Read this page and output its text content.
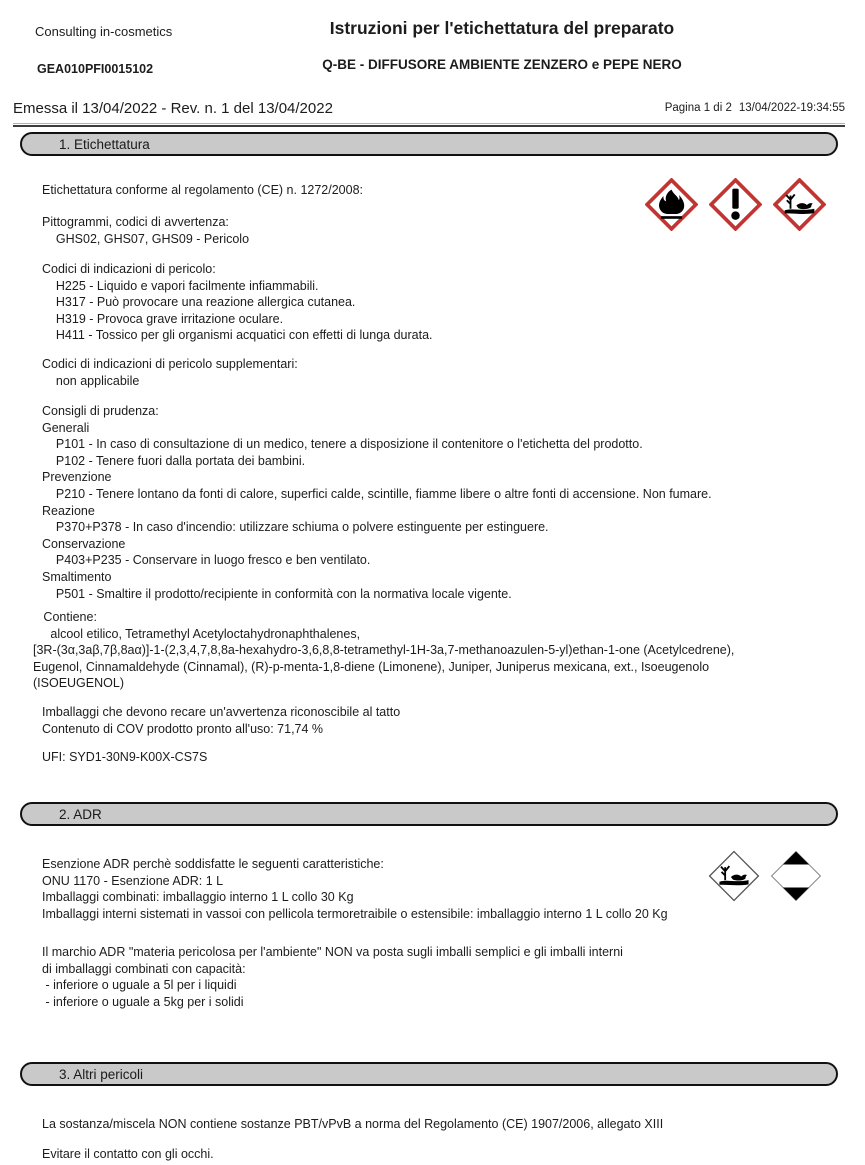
Consulting in-cosmetics
GEA010PFI0015102
Istruzioni per l'etichettatura del preparato
Q-BE - DIFFUSORE AMBIENTE ZENZERO e PEPE NERO
Emessa il 13/04/2022 - Rev. n. 1 del 13/04/2022	Pagina 1 di 2 13/04/2022-19:34:55
1. Etichettatura
Etichettatura conforme al regolamento (CE) n. 1272/2008:
Pittogrammi, codici di avvertenza:
GHS02, GHS07, GHS09 - Pericolo
Codici di indicazioni di pericolo:
H225 - Liquido e vapori facilmente infiammabili.
H317 - Può provocare una reazione allergica cutanea.
H319 - Provoca grave irritazione oculare.
H411 - Tossico per gli organismi acquatici con effetti di lunga durata.
Codici di indicazioni di pericolo supplementari:
non applicabile
Consigli di prudenza:
Generali
P101 - In caso di consultazione di un medico, tenere a disposizione il contenitore o l'etichetta del prodotto.
P102 - Tenere fuori dalla portata dei bambini.
Prevenzione
P210 - Tenere lontano da fonti di calore, superfici calde, scintille, fiamme libere o altre fonti di accensione. Non fumare.
Reazione
P370+P378 - In caso d'incendio: utilizzare schiuma o polvere estinguente per estinguere.
Conservazione
P403+P235 - Conservare in luogo fresco e ben ventilato.
Smaltimento
P501 - Smaltire il prodotto/recipiente in conformità con la normativa locale vigente.
Contiene:
alcool etilico, Tetramethyl Acetyloctahydronaphthalenes,
[3R-(3α,3aβ,7β,8aα)]-1-(2,3,4,7,8,8a-hexahydro-3,6,8,8-tetramethyl-1H-3a,7-methanoazulen-5-yl)ethan-1-one (Acetylcedrene),
Eugenol, Cinnamaldehyde (Cinnamal), (R)-p-menta-1,8-diene (Limonene), Juniper, Juniperus mexicana, ext., Isoeugenolo
(ISOEUGENOL)
Imballaggi che devono recare un'avvertenza riconoscibile al tatto
Contenuto di COV prodotto pronto all'uso: 71,74 %
UFI: SYD1-30N9-K00X-CS7S
2. ADR
Esenzione ADR perchè soddisfatte le seguenti caratteristiche:
ONU 1170 - Esenzione ADR: 1 L
Imballaggi combinati: imballaggio interno 1 L collo 30 Kg
Imballaggi interni sistemati in vassoi con pellicola termoretraibile o estensibile: imballaggio interno 1 L collo 20 Kg
Il marchio ADR "materia pericolosa per l'ambiente" NON va posta sugli imballi semplici e gli imballi interni
di imballaggi combinati con capacità:
- inferiore o uguale a 5l per i liquidi
- inferiore o uguale a 5kg per i solidi
3. Altri pericoli
La sostanza/miscela NON contiene sostanze PBT/vPvB a norma del Regolamento (CE) 1907/2006, allegato XIII
Evitare il contatto con gli occhi.
